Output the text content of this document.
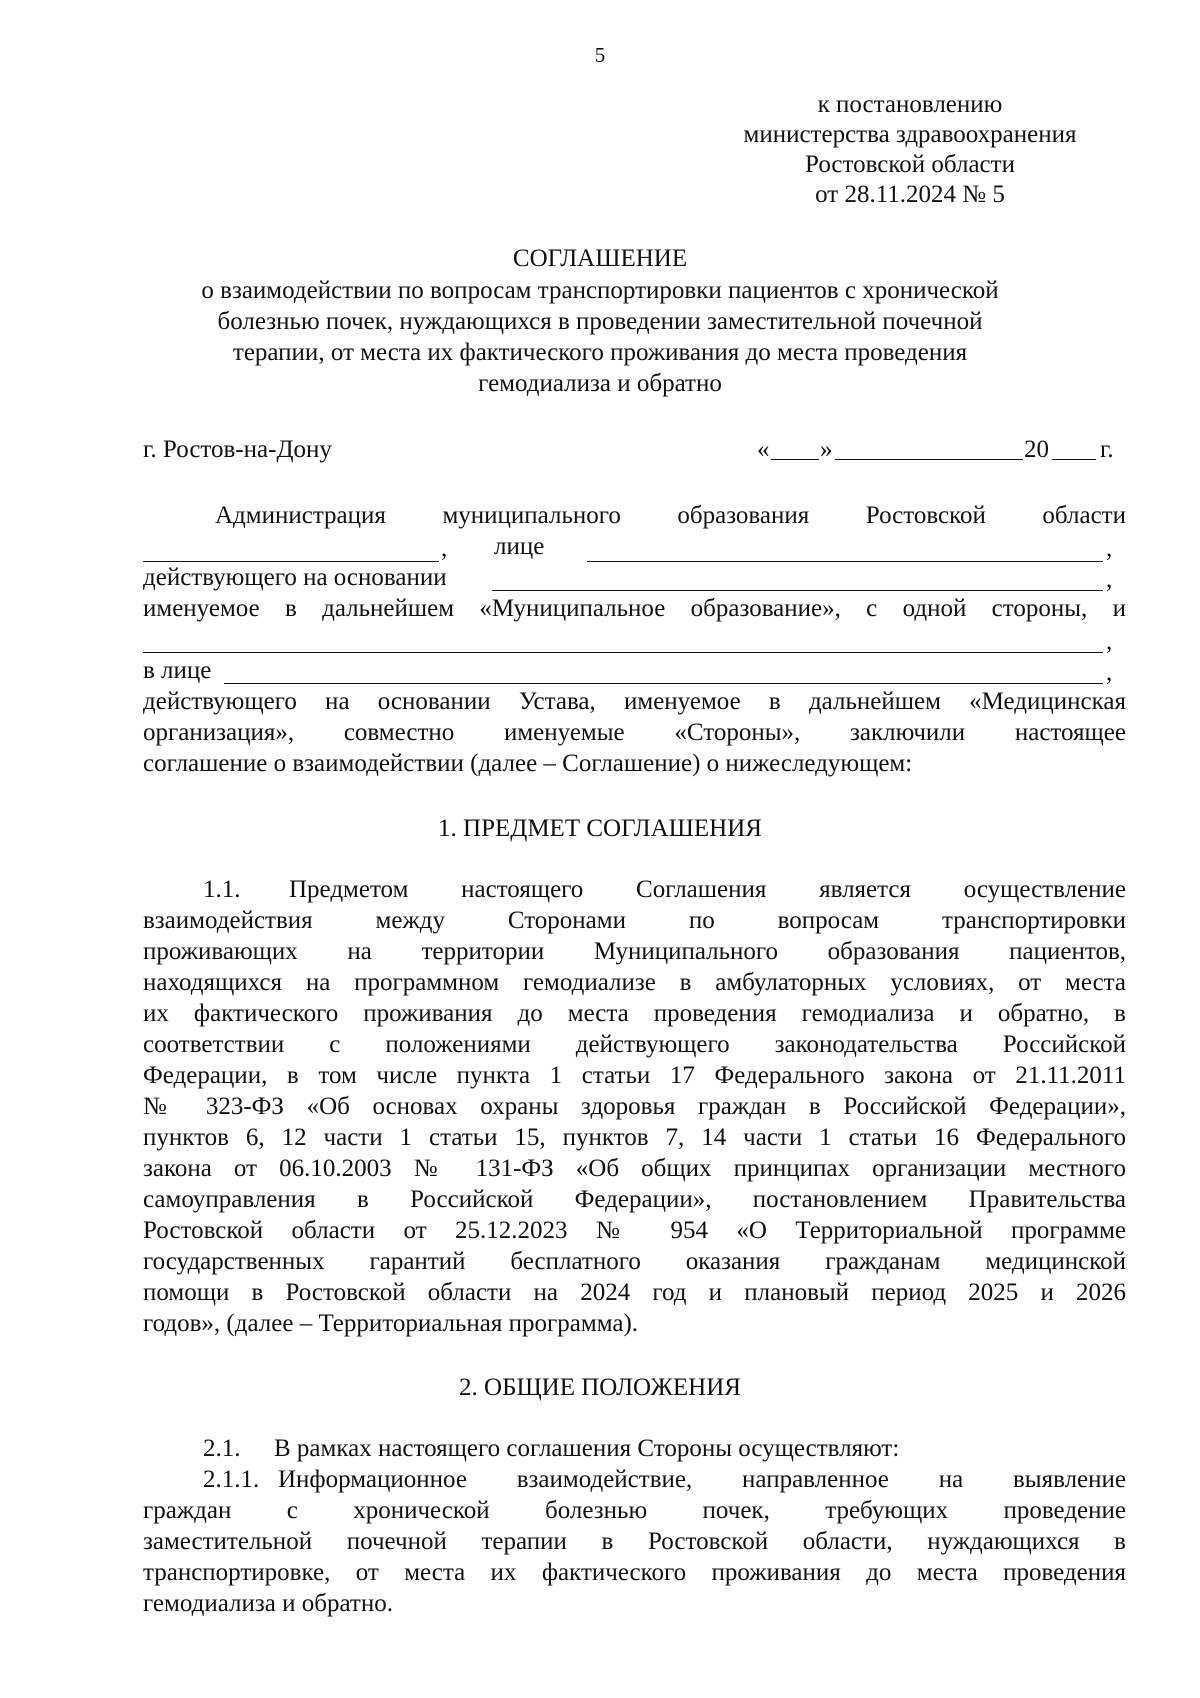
5
к постановлению
министерства здравоохранения
Ростовской области
от 28.11.2024 № 5
СОГЛАШЕНИЕ
о взаимодействии по вопросам транспортировки пациентов с хронической
болезнью почек, нуждающихся в проведении заместительной почечной
терапии, от места их фактического проживания до места проведения
гемодиализа и обратно
г. Ростов-на-Дону	« »	20 г.
Администрация муниципального образования Ростовской области
, лице	,
действующего на основании	,
именуемое в дальнейшем «Муниципальное образование», с одной стороны, и
,
в лице	,
действующего на основании Устава, именуемое в дальнейшем «Медицинская
организация», совместно именуемые «Стороны», заключили настоящее
соглашение о взаимодействии (далее – Соглашение) о нижеследующем:
1. ПРЕДМЕТ СОГЛАШЕНИЯ
1.1. Предметом настоящего Соглашения является осуществление
взаимодействия между Сторонами по вопросам транспортировки
проживающих на территории Муниципального образования пациентов,
находящихся на программном гемодиализе в амбулаторных условиях, от места
их фактического проживания до места проведения гемодиализа и обратно, в
соответствии с положениями действующего законодательства Российской
Федерации, в том числе пункта 1 статьи 17 Федерального закона от 21.11.2011
№ 323-ФЗ «Об основах охраны здоровья граждан в Российской Федерации»,
пунктов 6, 12 части 1 статьи 15, пунктов 7, 14 части 1 статьи 16 Федерального
закона от 06.10.2003 № 131-ФЗ «Об общих принципах организации местного
самоуправления в Российской Федерации», постановлением Правительства
Ростовской области от 25.12.2023 № 954 «О Территориальной программе
государственных гарантий бесплатного оказания гражданам медицинской
помощи в Ростовской области на 2024 год и плановый период 2025 и 2026
годов», (далее – Территориальная программа).
2. ОБЩИЕ ПОЛОЖЕНИЯ
2.1. В рамках настоящего соглашения Стороны осуществляют:
2.1.1. Информационное взаимодействие, направленное на выявление
граждан с хронической болезнью почек, требующих проведение
заместительной почечной терапии в Ростовской области, нуждающихся в
транспортировке, от места их фактического проживания до места проведения
гемодиализа и обратно.
